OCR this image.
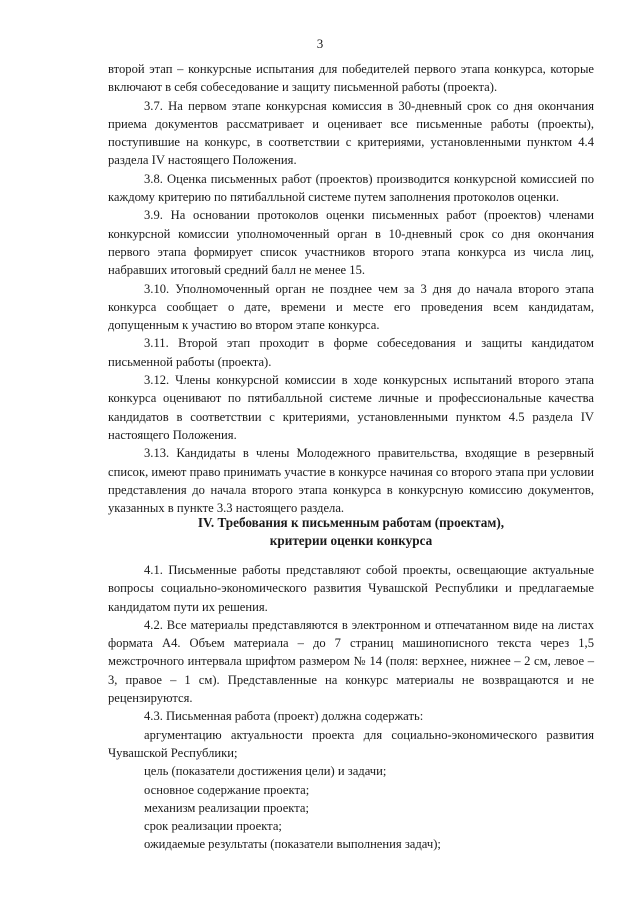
3

второй этап – конкурсные испытания для победителей первого этапа конкурса, которые включают в себя собеседование и защиту письменной работы (проекта).

3.7. На первом этапе конкурсная комиссия в 30-дневный срок со дня окончания приема документов рассматривает и оценивает все письменные работы (проекты), поступившие на конкурс, в соответствии с критериями, установленными пунктом 4.4 раздела IV настоящего Положения.

3.8. Оценка письменных работ (проектов) производится конкурсной комиссией по каждому критерию по пятибалльной системе путем заполнения протоколов оценки.

3.9. На основании протоколов оценки письменных работ (проектов) членами конкурсной комиссии уполномоченный орган в 10-дневный срок со дня окончания первого этапа формирует список участников второго этапа конкурса из числа лиц, набравших итоговый средний балл не менее 15.

3.10. Уполномоченный орган не позднее чем за 3 дня до начала второго этапа конкурса сообщает о дате, времени и месте его проведения всем кандидатам, допущенным к участию во втором этапе конкурса.

3.11. Второй этап проходит в форме собеседования и защиты кандидатом письменной работы (проекта).

3.12. Члены конкурсной комиссии в ходе конкурсных испытаний второго этапа конкурса оценивают по пятибалльной системе личные и профессиональные качества кандидатов в соответствии с критериями, установленными пунктом 4.5 раздела IV настоящего Положения.

3.13. Кандидаты в члены Молодежного правительства, входящие в резервный список, имеют право принимать участие в конкурсе начиная со второго этапа при условии представления до начала второго этапа конкурса в конкурсную комиссию документов, указанных в пункте 3.3 настоящего раздела.

IV. Требования к письменным работам (проектам),
критерии оценки конкурса

4.1. Письменные работы представляют собой проекты, освещающие актуальные вопросы социально-экономического развития Чувашской Республики и предлагаемые кандидатом пути их решения.

4.2. Все материалы представляются в электронном и отпечатанном виде на листах формата А4. Объем материала – до 7 страниц машинописного текста через 1,5 межстрочного интервала шрифтом размером № 14 (поля: верхнее, нижнее – 2 см, левое – 3, правое – 1 см). Представленные на конкурс материалы не возвращаются и не рецензируются.

4.3. Письменная работа (проект) должна содержать:

аргументацию актуальности проекта для социально-экономического развития Чувашской Республики;

цель (показатели достижения цели) и задачи;

основное содержание проекта;

механизм реализации проекта;

срок реализации проекта;

ожидаемые результаты (показатели выполнения задач);
